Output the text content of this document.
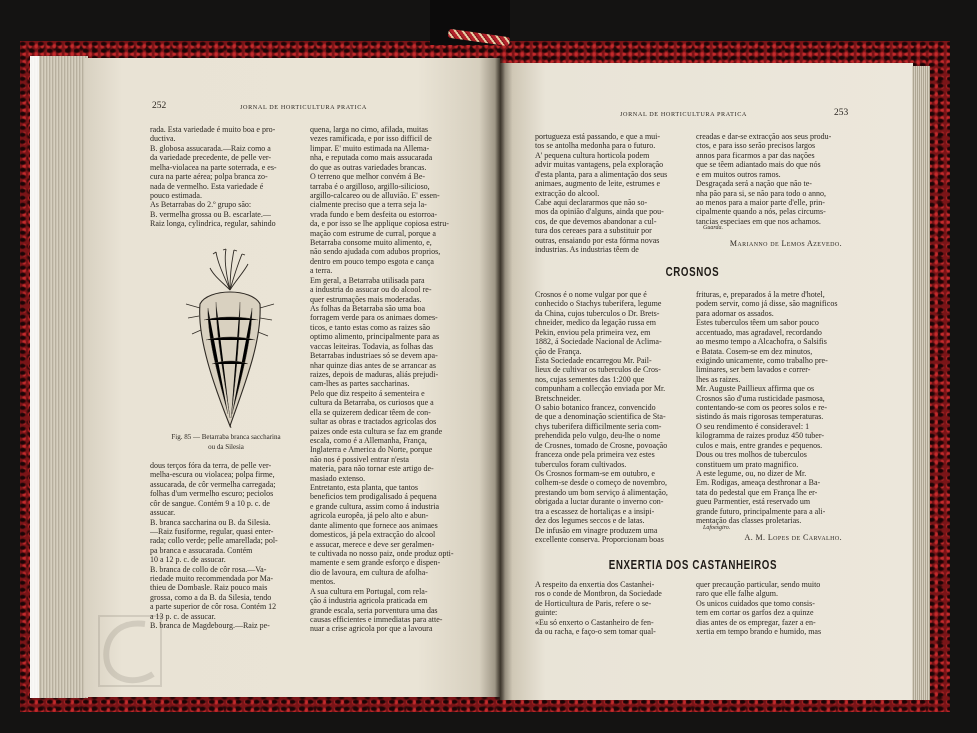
252	JORNAL DE HORTICULTURA PRATICA
rada. Esta variedade é muito boa e pro-
ductiva.
B. globosa assucarada.—Raiz como a
da variedade precedente, de pelle ver-
melha-violacea na parte soterrada, e es-
cura na parte aérea; polpa branca zo-
nada de vermelho. Esta variedade é
pouco estimada.
As Betarrabas do 2.º grupo são:
B. vermelha grossa ou B. escarlate.—
Raiz longa, cylindrica, regular, sahindo
Fig. 85 — Betarraba branca saccharina
ou da Silesia
dous terços fóra da terra, de pelle ver-
melha-escura ou violacea; polpa firme,
assucarada, de côr vermelha carregada;
folhas d'um vermelho escuro; peciolos
côr de sangue. Contém 9 a 10 p. c. de
assucar.
B. branca saccharina ou B. da Silesia.
—Raiz fusiforme, regular, quasi enter-
rada; collo verde; pelle amarellada; pol-
pa branca e assucarada. Contém
10 a 12 p. c. de assucar.
B. branca de collo de côr rosa.—Va-
riedade muito recommendada por Ma-
thieu de Dombasle. Raiz pouco mais
grossa, como a da B. da Silesia, tendo
a parte superior de côr rosa. Contém 12
a 13 p. c. de assucar.
B. branca de Magdebourg.—Raiz pe-
quena, larga no cimo, afilada, muitas
vezes ramificada, e por isso difficil de
limpar. E' muito estimada na Allema-
nha, e reputada como mais assucarada
do que as outras variedades brancas.
O terreno que melhor convém á Be-
tarraba é o argilloso, argillo-silicioso,
argillo-calcareo ou de alluvião. E' essen-
cialmente preciso que a terra seja la-
vrada fundo e bem desfeita ou estorroa-
da, e por isso se lhe applique copiosa estru-
mação com estrume de curral, porque a
Betarraba consome muito alimento, e,
não sendo ajudada com adubos proprios,
dentro em pouco tempo esgota e cança
a terra.
Em geral, a Betarraba utilisada para
a industria do assucar ou do alcool re-
quer estrumações mais moderadas.
As folhas da Betarraba são uma boa
forragem verde para os animaes domes-
ticos, e tanto estas como as raizes são
optimo alimento, principalmente para as
vaccas leiteiras. Todavia, as folhas das
Betarrabas industriaes só se devem apa-
nhar quinze dias antes de se arrancar as
raizes, depois de maduras, aliás prejudi-
cam-lhes as partes saccharinas.
Pelo que diz respeito á sementeira e
cultura da Betarraba, os curiosos que a
ella se quizerem dedicar têem de con-
sultar as obras e tractados agricolas dos
paizes onde esta cultura se faz em grande
escala, como é a Allemanha, França,
Inglaterra e America do Norte, porque
não nos é possivel entrar n'esta
materia, para não tornar este artigo de-
masiado extenso.
Entretanto, esta planta, que tantos
beneficios tem prodigalisado á pequena
e grande cultura, assim como á industria
agricola europêa, já pelo alto e abun-
dante alimento que fornece aos animaes
domesticos, já pela extracção do alcool
e assucar, merece e deve ser geralmen-
te cultivada no nosso paiz, onde produz opti-
mamente e sem grande esforço e dispen-
dio de lavoura, em cultura de afolha-
mentos.
A sua cultura em Portugal, com rela-
ção á industria agricola praticada em
grande escala, seria porventura uma das
causas efficientes e immediatas para atte-
nuar a crise agricola por que a lavoura
JORNAL DE HORTICULTURA PRATICA	253
portugueza está passando, e que a mui-
tos se antolha medonha para o futuro.
A' pequena cultura horticola podem
advir muitas vantagens, pela exploração
d'esta planta, para a alimentação dos seus
animaes, augmento de leite, estrumes e
extracção do alcool.
Cabe aqui declararmos que não so-
mos da opinião d'alguns, ainda que pou-
cos, de que devemos abandonar a cul-
tura dos cereaes para a substituir por
outras, ensaiando por esta fórma novas
industrias. As industrias têem de
creadas e dar-se extracção aos seus produ-
ctos, e para isso serão precisos largos
annos para ficarmos a par das nações
que se têem adiantado mais do que nós
e em muitos outros ramos.
Desgraçada será a nação que não te-
nha pão para si, se não para todo o anno,
ao menos para a maior parte d'elle, prin-
cipalmente quando a nós, pelas circums-
tancias especiaes em que nos achamos.
Guarda.
Marianno de Lemos Azevedo.
CROSNOS
Crosnos é o nome vulgar por que é
conhecido o Stachys tuberifera, legume
da China, cujos tuberculos o Dr. Brets-
chneider, medico da legação russa em
Pekin, enviou pela primeira vez, em
1882, á Sociedade Nacional de Aclima-
ção de França.
Esta Sociedade encarregou Mr. Pail-
lieux de cultivar os tuberculos de Cros-
nos, cujas sementes das 1:200 que
compunham a collecção enviada por Mr.
Bretschneider.
O sabio botanico francez, convencido
de que a denominação scientifica de Sta-
chys tuberifera difficilmente seria com-
prehendida pelo vulgo, deu-lhe o nome
de Crosnes, tomado de Crosne, povoação
franceza onde pela primeira vez estes
tuberculos foram cultivados.
Os Crosnos formam-se em outubro, e
colhem-se desde o começo de novembro,
prestando um bom serviço á alimentação,
obrigada a luctar durante o inverno con-
tra a escassez de hortaliças e a insipi-
dez dos legumes seccos e de latas.
De infusão em vinagre produzem uma
excellente conserva. Proporcionam boas
frituras, e, preparados á la metre d'hotel,
podem servir, como já disse, são magnificos
para adornar os assados.
Estes tuberculos têem um sabor pouco
accentuado, mas agradavel, recordando
ao mesmo tempo a Alcachofra, o Salsifis
e Batata. Cosem-se em dez minutos,
exigindo unicamente, como trabalho pre-
liminares, ser bem lavados e correr-
lhes as raizes.
Mr. Auguste Paillieux affirma que os
Crosnos são d'uma rusticidade pasmosa,
contentando-se com os peores solos e re-
sistindo ás mais rigorosas temperaturas.
O seu rendimento é consideravel: 1
kilogramma de raizes produz 450 tuber-
culos e mais, entre grandes e pequenos.
Dous ou tres molhos de tuberculos
constituem um prato magnifico.
A este legume, ou, no dizer de Mr.
Em. Rodigas, ameaça desthronar a Ba-
tata do pedestal que em França lhe er-
gueu Parmentier, está reservado um
grande futuro, principalmente para a ali-
mentação das classes proletarias.
Lafoesgiro.
A. M. Lopes de Carvalho.
ENXERTIA DOS CASTANHEIROS
A respeito da enxertia dos Castanhei-
ros o conde de Montbron, da Sociedade
de Horticultura de Paris, refere o se-
guinte:
«Eu só enxerto o Castanheiro de fen-
da ou racha, e faço-o sem tomar qual-
quer precaução particular, sendo muito
raro que elle falhe algum.
Os unicos cuidados que tomo consis-
tem em cortar os garfos dez a quinze
dias antes de os empregar, fazer a en-
xertia em tempo brando e humido, mas
